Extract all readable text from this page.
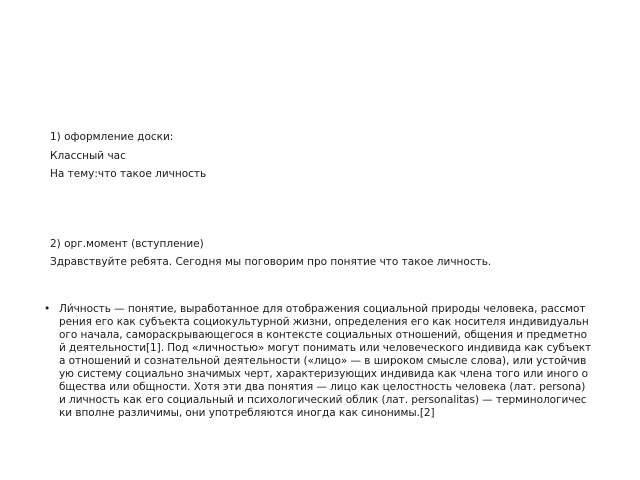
1) оформление доски:
Классный час
На тему:что такое личность
2) орг.момент (вступление)
Здравствуйте ребята. Сегодня мы поговорим про понятие что такое личность.
• Ли́чность — понятие, выработанное для отображения социальной природы человека, рассмотрения его как субъекта социокультурной жизни, определения его как носителя индивидуального начала, самораскрывающегося в контексте социальных отношений, общения и предметной деятельности[1]. Под «личностью» могут понимать или человеческого индивида как субъекта отношений и сознательной деятельности («лицо» — в широком смысле слова), или устойчивую систему социально значимых черт, характеризующих индивида как члена того или иного общества или общности. Хотя эти два понятия — лицо как целостность человека (лат. persona) и личность как его социальный и психологический облик (лат. personalitas) — терминологически вполне различимы, они употребляются иногда как синонимы.[2]
